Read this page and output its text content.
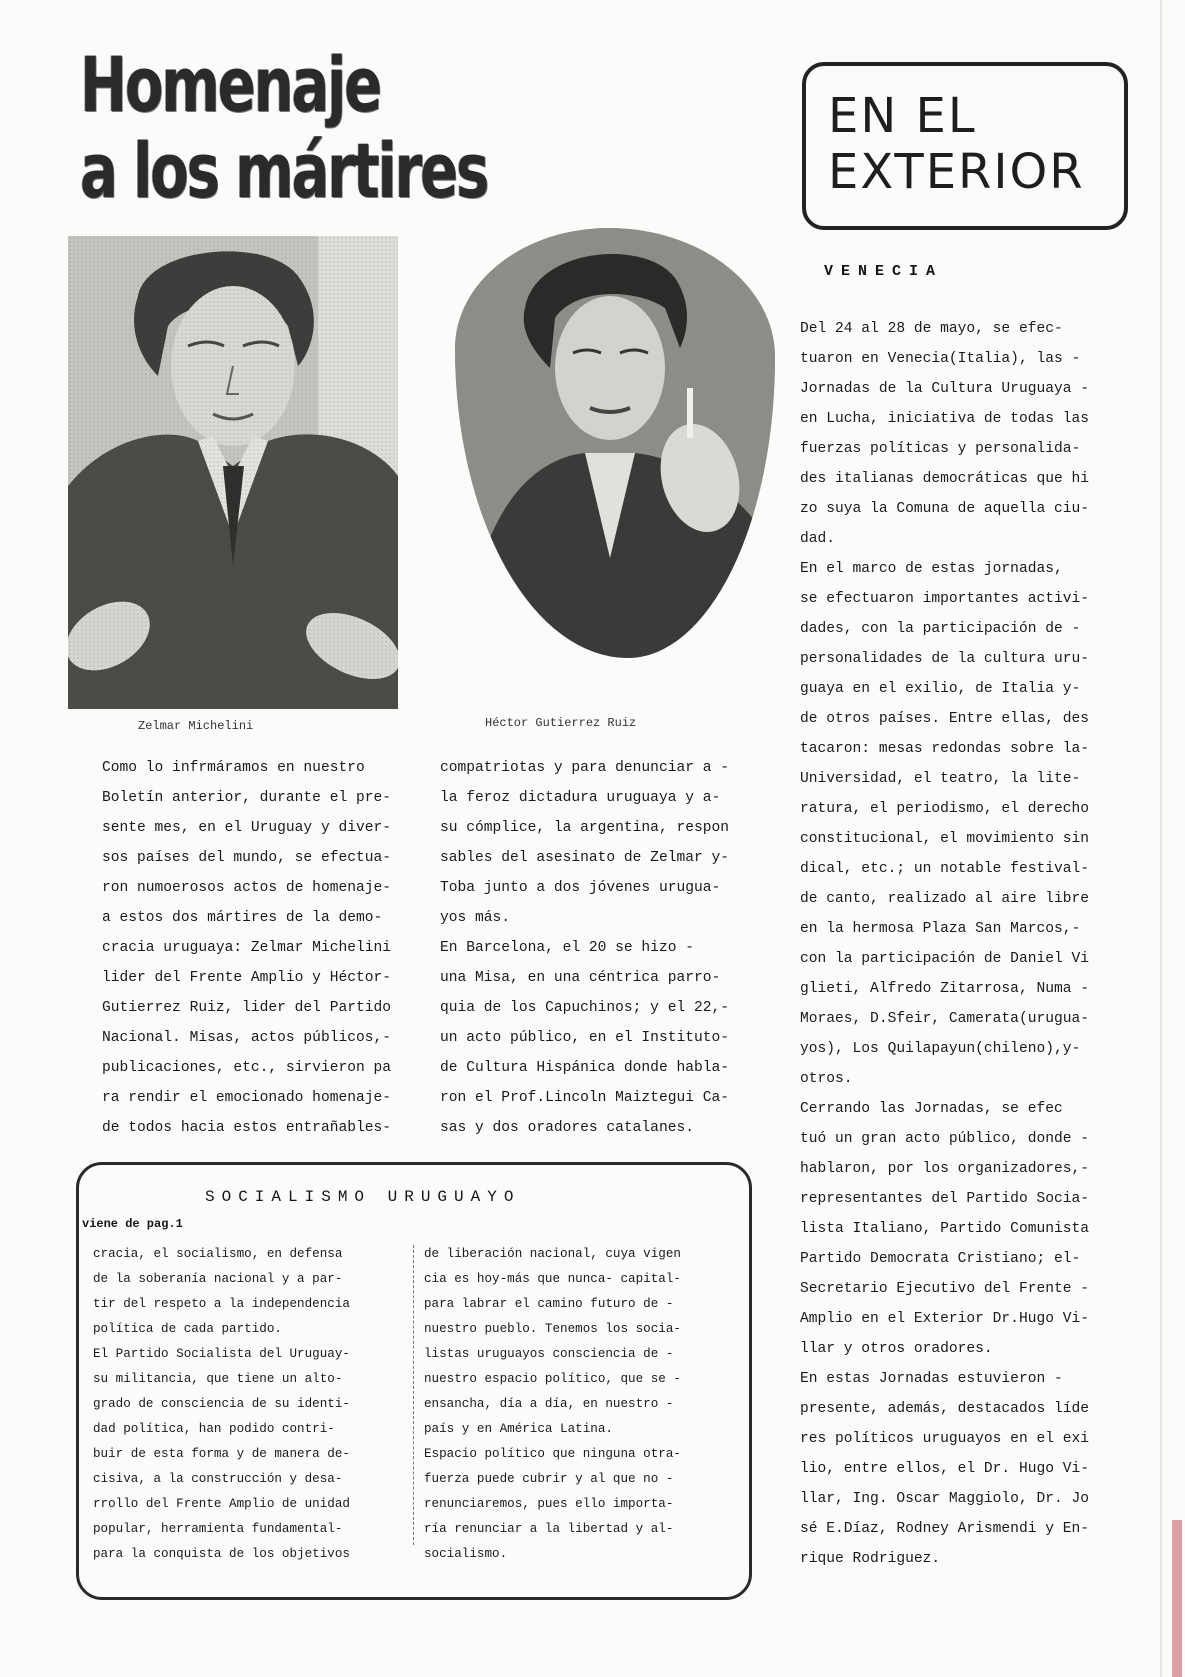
Homenaje
a los mártires
EN EL
EXTERIOR
Zelmar Michelini	Héctor Gutierrez Ruiz
Como lo infrmáramos en nuestro
Boletín anterior, durante el pre-
sente mes, en el Uruguay y diver-
sos países del mundo, se efectua-
ron numoerosos actos de homenaje-
a estos dos mártires de la demo-
cracia uruguaya: Zelmar Michelini
lider del Frente Amplio y Héctor-
Gutierrez Ruiz, lider del Partido
Nacional. Misas, actos públicos,-
publicaciones, etc., sirvieron pa
ra rendir el emocionado homenaje-
de todos hacia estos entrañables-
compatriotas y para denunciar a -
la feroz dictadura uruguaya y a-
su cómplice, la argentina, respon
sables del asesinato de Zelmar y-
Toba junto a dos jóvenes urugua-
yos más.
En Barcelona, el 20 se hizo -
una Misa, en una céntrica parro-
quia de los Capuchinos; y el 22,-
un acto público, en el Instituto-
de Cultura Hispánica donde habla-
ron el Prof.Lincoln Maiztegui Ca-
sas y dos oradores catalanes.
VENECIA
Del 24 al 28 de mayo, se efec-
tuaron en Venecia(Italia), las -
Jornadas de la Cultura Uruguaya -
en Lucha, iniciativa de todas las
fuerzas políticas y personalida-
des italianas democráticas que hi
zo suya la Comuna de aquella ciu-
dad.
En el marco de estas jornadas,
se efectuaron importantes activi-
dades, con la participación de -
personalidades de la cultura uru-
guaya en el exilio, de Italia y-
de otros países. Entre ellas, des
tacaron: mesas redondas sobre la-
Universidad, el teatro, la lite-
ratura, el periodismo, el derecho
constitucional, el movimiento sin
dical, etc.; un notable festival-
de canto, realizado al aire libre
en la hermosa Plaza San Marcos,-
con la participación de Daniel Vi
glieti, Alfredo Zitarrosa, Numa -
Moraes, D.Sfeir, Camerata(urugua-
yos), Los Quilapayun(chileno),y-
otros.
Cerrando las Jornadas, se efec
tuó un gran acto público, donde -
hablaron, por los organizadores,-
representantes del Partido Socia-
lista Italiano, Partido Comunista
Partido Democrata Cristiano; el-
Secretario Ejecutivo del Frente -
Amplio en el Exterior Dr.Hugo Vi-
llar y otros oradores.
En estas Jornadas estuvieron -
presente, además, destacados líde
res políticos uruguayos en el exi
lio, entre ellos, el Dr. Hugo Vi-
llar, Ing. Oscar Maggiolo, Dr. Jo
sé E.Díaz, Rodney Arismendi y En-
rique Rodriguez.
SOCIALISMO URUGUAYO
viene de pag.1
cracia, el socialismo, en defensa
de la soberanía nacional y a par-
tir del respeto a la independencia
política de cada partido.
El Partido Socialista del Uruguay-
su militancia, que tiene un alto-
grado de consciencia de su identi-
dad política, han podido contri-
buir de esta forma y de manera de-
cisiva, a la construcción y desa-
rrollo del Frente Amplio de unidad
popular, herramienta fundamental-
para la conquista de los objetivos
de liberación nacional, cuya vigen
cia es hoy-más que nunca- capital-
para labrar el camino futuro de -
nuestro pueblo. Tenemos los socia-
listas uruguayos consciencia de -
nuestro espacio político, que se -
ensancha, día a día, en nuestro -
país y en América Latina.
Espacio político que ninguna otra-
fuerza puede cubrir y al que no -
renunciaremos, pues ello importa-
ría renunciar a la libertad y al-
socialismo.
